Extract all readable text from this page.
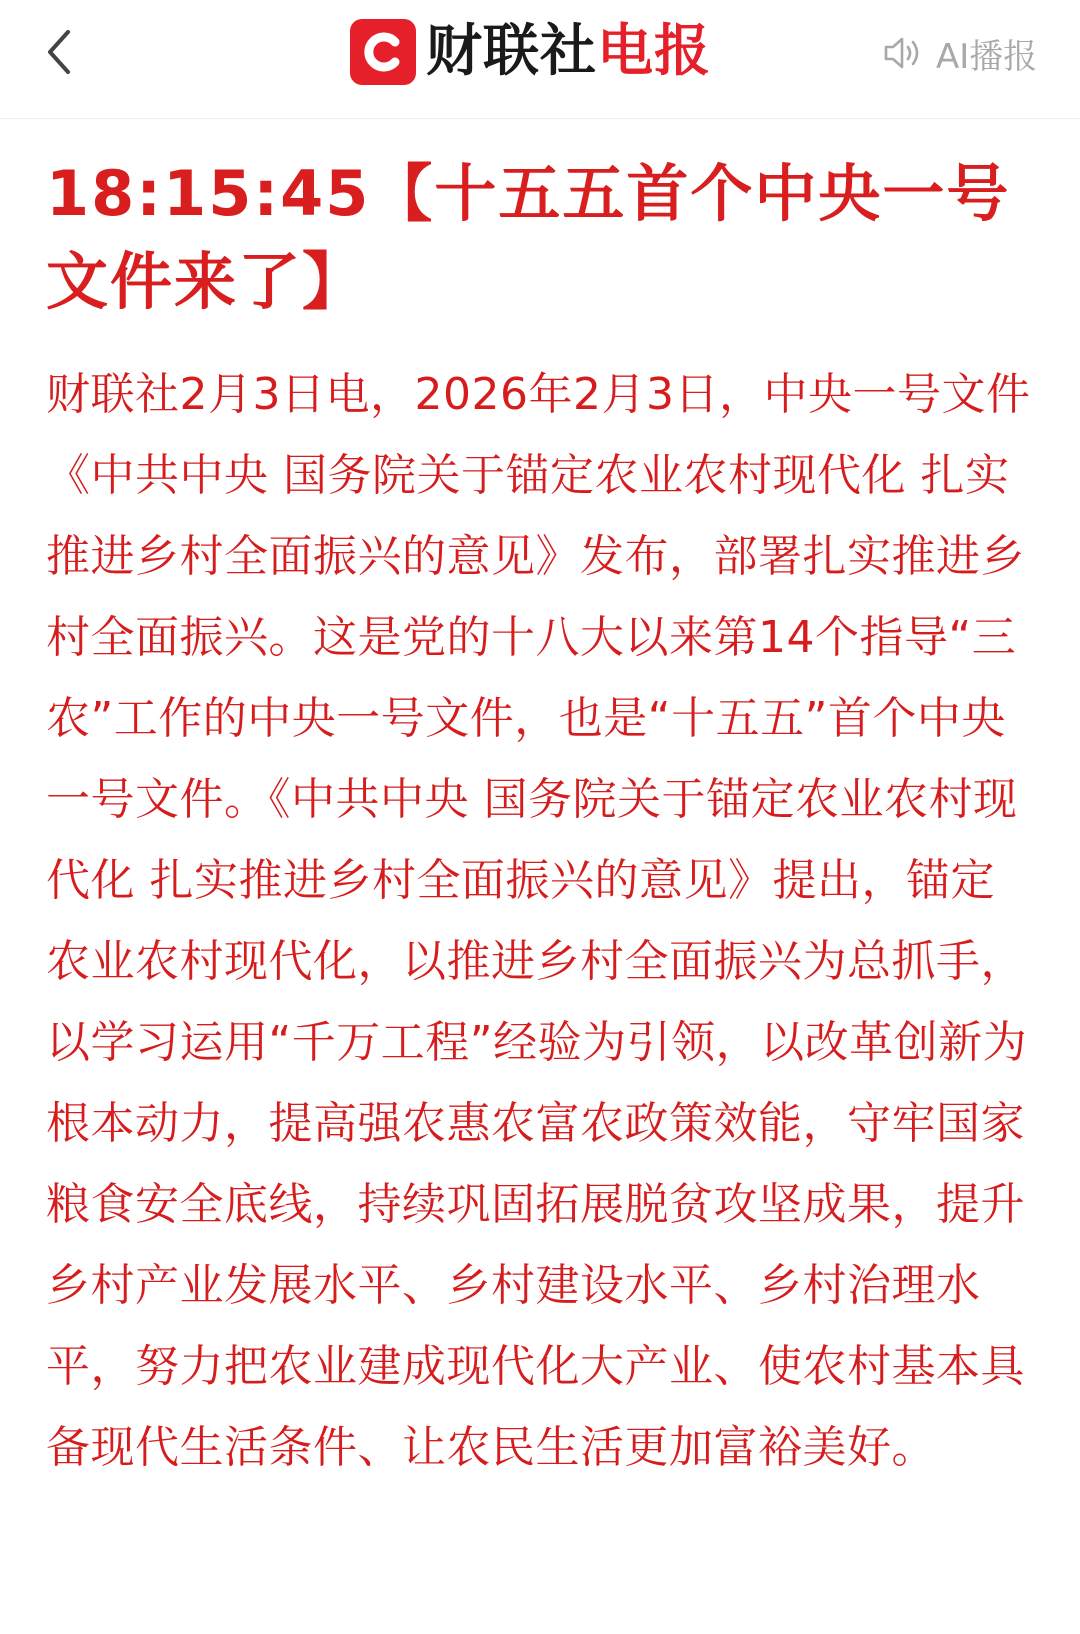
财联社 电报	AI播报
18:15:45【十五五首个中央一号文件来了】

财联社2月3日电，2026年2月3日，中央一号文件《中共中央 国务院关于锚定农业农村现代化 扎实推进乡村全面振兴的意见》发布，部署扎实推进乡村全面振兴。这是党的十八大以来第14个指导“三农”工作的中央一号文件，也是“十五五”首个中央一号文件。《中共中央 国务院关于锚定农业农村现代化 扎实推进乡村全面振兴的意见》提出，锚定农业农村现代化，以推进乡村全面振兴为总抓手，以学习运用“千万工程”经验为引领，以改革创新为根本动力，提高强农惠农富农政策效能，守牢国家粮食安全底线，持续巩固拓展脱贫攻坚成果，提升乡村产业发展水平、乡村建设水平、乡村治理水平，努力把农业建成现代化大产业、使农村基本具备现代生活条件、让农民生活更加富裕美好。
